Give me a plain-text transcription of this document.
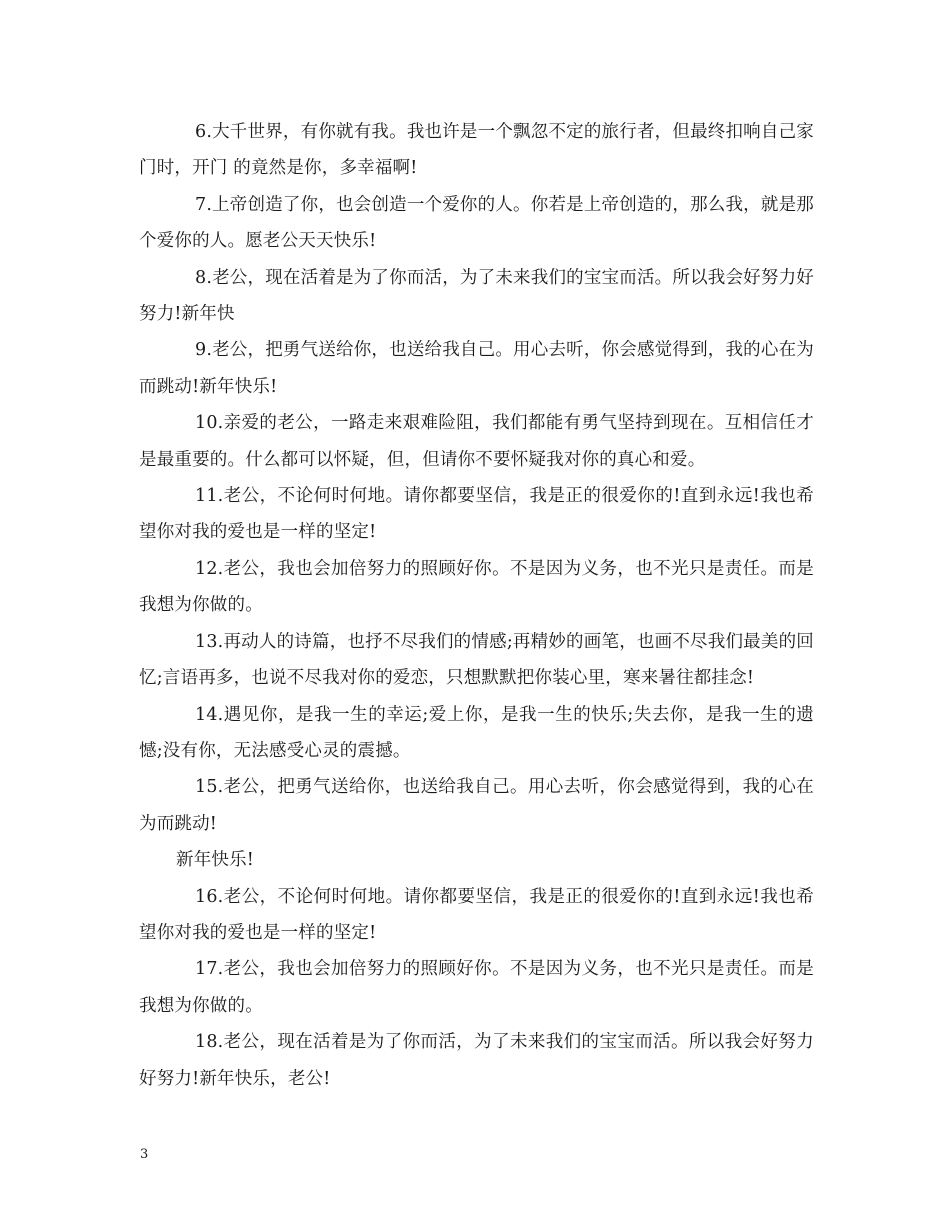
6.大千世界，有你就有我。我也许是一个飘忽不定的旅行者，但最终扣响自己家门时，开门 的竟然是你，多幸福啊!

7.上帝创造了你，也会创造一个爱你的人。你若是上帝创造的，那么我，就是那个爱你的人。愿老公天天快乐!

8.老公，现在活着是为了你而活，为了未来我们的宝宝而活。所以我会好努力好努力!新年快

9.老公，把勇气送给你，也送给我自己。用心去听，你会感觉得到，我的心在为而跳动!新年快乐!

10.亲爱的老公，一路走来艰难险阻，我们都能有勇气坚持到现在。互相信任才是最重要的。什么都可以怀疑，但，但请你不要怀疑我对你的真心和爱。

11.老公，不论何时何地。请你都要坚信，我是正的很爱你的!直到永远!我也希望你对我的爱也是一样的坚定!

12.老公，我也会加倍努力的照顾好你。不是因为义务，也不光只是责任。而是我想为你做的。

13.再动人的诗篇，也抒不尽我们的情感;再精妙的画笔，也画不尽我们最美的回忆;言语再多，也说不尽我对你的爱恋，只想默默把你装心里，寒来暑往都挂念!

14.遇见你，是我一生的幸运;爱上你，是我一生的快乐;失去你，是我一生的遗憾;没有你，无法感受心灵的震撼。

15.老公，把勇气送给你，也送给我自己。用心去听，你会感觉得到，我的心在为而跳动!

新年快乐!

16.老公，不论何时何地。请你都要坚信，我是正的很爱你的!直到永远!我也希望你对我的爱也是一样的坚定!

17.老公，我也会加倍努力的照顾好你。不是因为义务，也不光只是责任。而是我想为你做的。

18.老公，现在活着是为了你而活，为了未来我们的宝宝而活。所以我会好努力好努力!新年快乐，老公!

3
